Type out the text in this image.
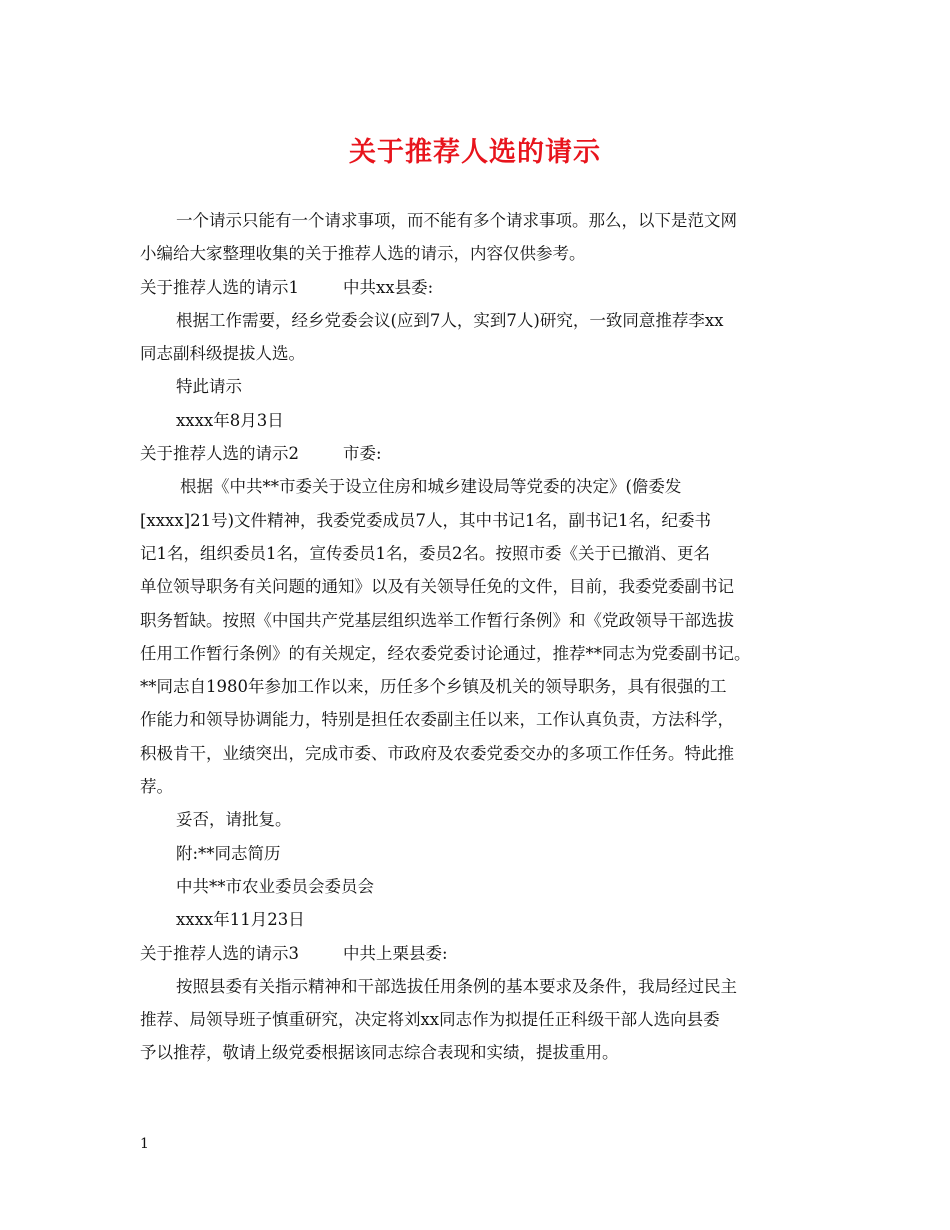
关于推荐人选的请示

一个请示只能有一个请求事项，而不能有多个请求事项。那么，以下是范文网

小编给大家整理收集的关于推荐人选的请示，内容仅供参考。

关于推荐人选的请示1	中共xx县委:

根据工作需要，经乡党委会议(应到7人，实到7人)研究，一致同意推荐李xx

同志副科级提拔人选。

特此请示

xxxx年8月3日

关于推荐人选的请示2	市委:

根据《中共**市委关于设立住房和城乡建设局等党委的决定》(儋委发

[xxxx]21号)文件精神，我委党委成员7人，其中书记1名，副书记1名，纪委书

记1名，组织委员1名，宣传委员1名，委员2名。按照市委《关于已撤消、更名

单位领导职务有关问题的通知》以及有关领导任免的文件，目前，我委党委副书记

职务暂缺。按照《中国共产党基层组织选举工作暂行条例》和《党政领导干部选拔

任用工作暂行条例》的有关规定，经农委党委讨论通过，推荐**同志为党委副书记。

**同志自1980年参加工作以来，历任多个乡镇及机关的领导职务，具有很强的工

作能力和领导协调能力，特别是担任农委副主任以来，工作认真负责，方法科学，

积极肯干，业绩突出，完成市委、市政府及农委党委交办的多项工作任务。特此推

荐。

妥否，请批复。

附:**同志简历

中共**市农业委员会委员会

xxxx年11月23日

关于推荐人选的请示3	中共上栗县委:

按照县委有关指示精神和干部选拔任用条例的基本要求及条件，我局经过民主

推荐、局领导班子慎重研究，决定将刘xx同志作为拟提任正科级干部人选向县委

予以推荐，敬请上级党委根据该同志综合表现和实绩，提拔重用。

1
